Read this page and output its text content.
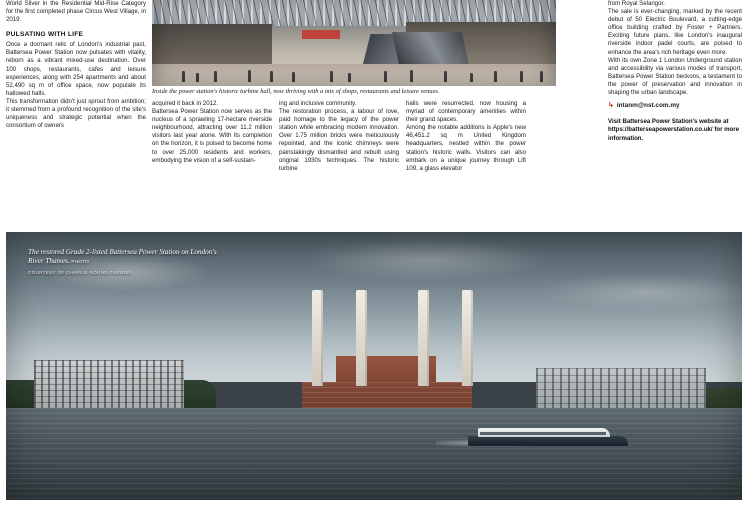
World Silver in the Residential Mid-Rise Category for the first completed phase Circus West Village, in 2019.
PULSATING WITH LIFE
Once a dormant relic of London's industrial past, Battersea Power Station now pulsates with vitality, reborn as a vibrant mixed-use destination. Over 100 shops, restaurants, cafes and leisure experiences, along with 254 apartments and about 52,490 sq m of office space, now populate its hallowed halls.
This transformation didn't just sprout from ambition; it stemmed from a profound recognition of the site's uniqueness and strategic potential when the consortium of owners
Inside the power station's historic turbine hall, now thriving with a mix of shops, restaurants and leisure venues.
acquired it back in 2012.
Battersea Power Station now serves as the nucleus of a sprawling 17-hectare riverside neighbourhood, attracting over 11.2 million visitors last year alone. With its completion on the horizon, it is poised to become home to over 25,000 residents and workers, embodying the vision of a self-sustain-
ing and inclusive community.
The restoration process, a labour of love, paid homage to the legacy of the power station while embracing modern innovation. Over 1.75 million bricks were meticulously repointed, and the iconic chimneys were painstakingly dismantled and rebuilt using original 1930s techniques. The historic turbine
halls were resurrected, now housing a myriad of contemporary amenities within their grand spaces.
Among the notable additions is Apple's new 46,451.2 sq m United Kingdom headquarters, nestled within the power station's historic walls. Visitors can also embark on a unique journey through Lift 109, a glass elevator
from Royal Selangor.
The sale is ever-changing, marked by the recent debut of 50 Electric Boulevard, a cutting-edge office building crafted by Foster + Partners. Exciting future plans, like London's inaugural riverside indoor padel courts, are poised to enhance the area's rich heritage even more.
With its own Zone 1 London Underground station and accessibility via various modes of transport, Battersea Power Station beckons, a testament to the power of preservation and innovation in shaping the urban landscape.
↳ intanm@nst.com.my
Visit Battersea Power Station's website at https://batterseapowerstation.co.uk/ for more information.
The restored Grade 2-listed Battersea Power Station on London's River Thames. PHOTO
COURTESY OF CHARLIE ROUND-TURNER
